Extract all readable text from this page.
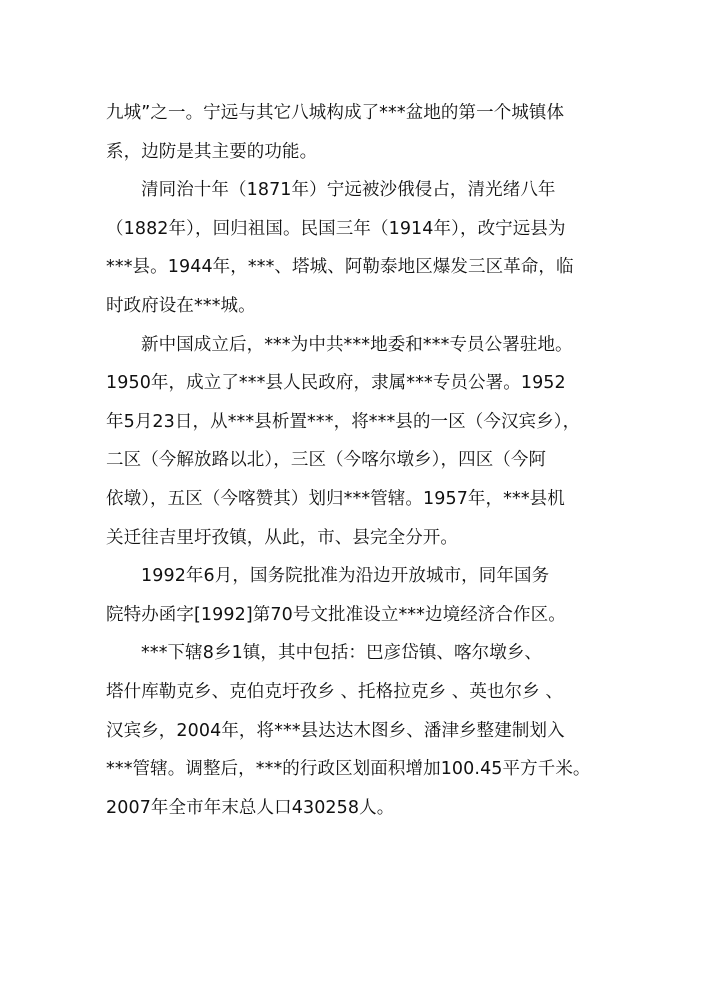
九城”之一。宁远与其它八城构成了***盆地的第一个城镇体
系，边防是其主要的功能。
清同治十年（1871年）宁远被沙俄侵占，清光绪八年
（1882年），回归祖国。民国三年（1914年），改宁远县为
***县。1944年，***、塔城、阿勒泰地区爆发三区革命，临
时政府设在***城。
新中国成立后，***为中共***地委和***专员公署驻地。
1950年，成立了***县人民政府，隶属***专员公署。1952
年5月23日，从***县析置***，将***县的一区（今汉宾乡），
二区（今解放路以北），三区（今喀尔墩乡），四区（今阿
依墩），五区（今喀赞其）划归***管辖。1957年，***县机
关迁往吉里圩孜镇，从此，市、县完全分开。
1992年6月，国务院批准为沿边开放城市，同年国务
院特办函字[1992]第70号文批准设立***边境经济合作区。
***下辖8乡1镇，其中包括：巴彦岱镇、喀尔墩乡、
塔什库勒克乡、克伯克圩孜乡 、托格拉克乡 、英也尔乡 、
汉宾乡，2004年，将***县达达木图乡、潘津乡整建制划入
***管辖。调整后，***的行政区划面积增加100.45平方千米。
2007年全市年末总人口430258人。
